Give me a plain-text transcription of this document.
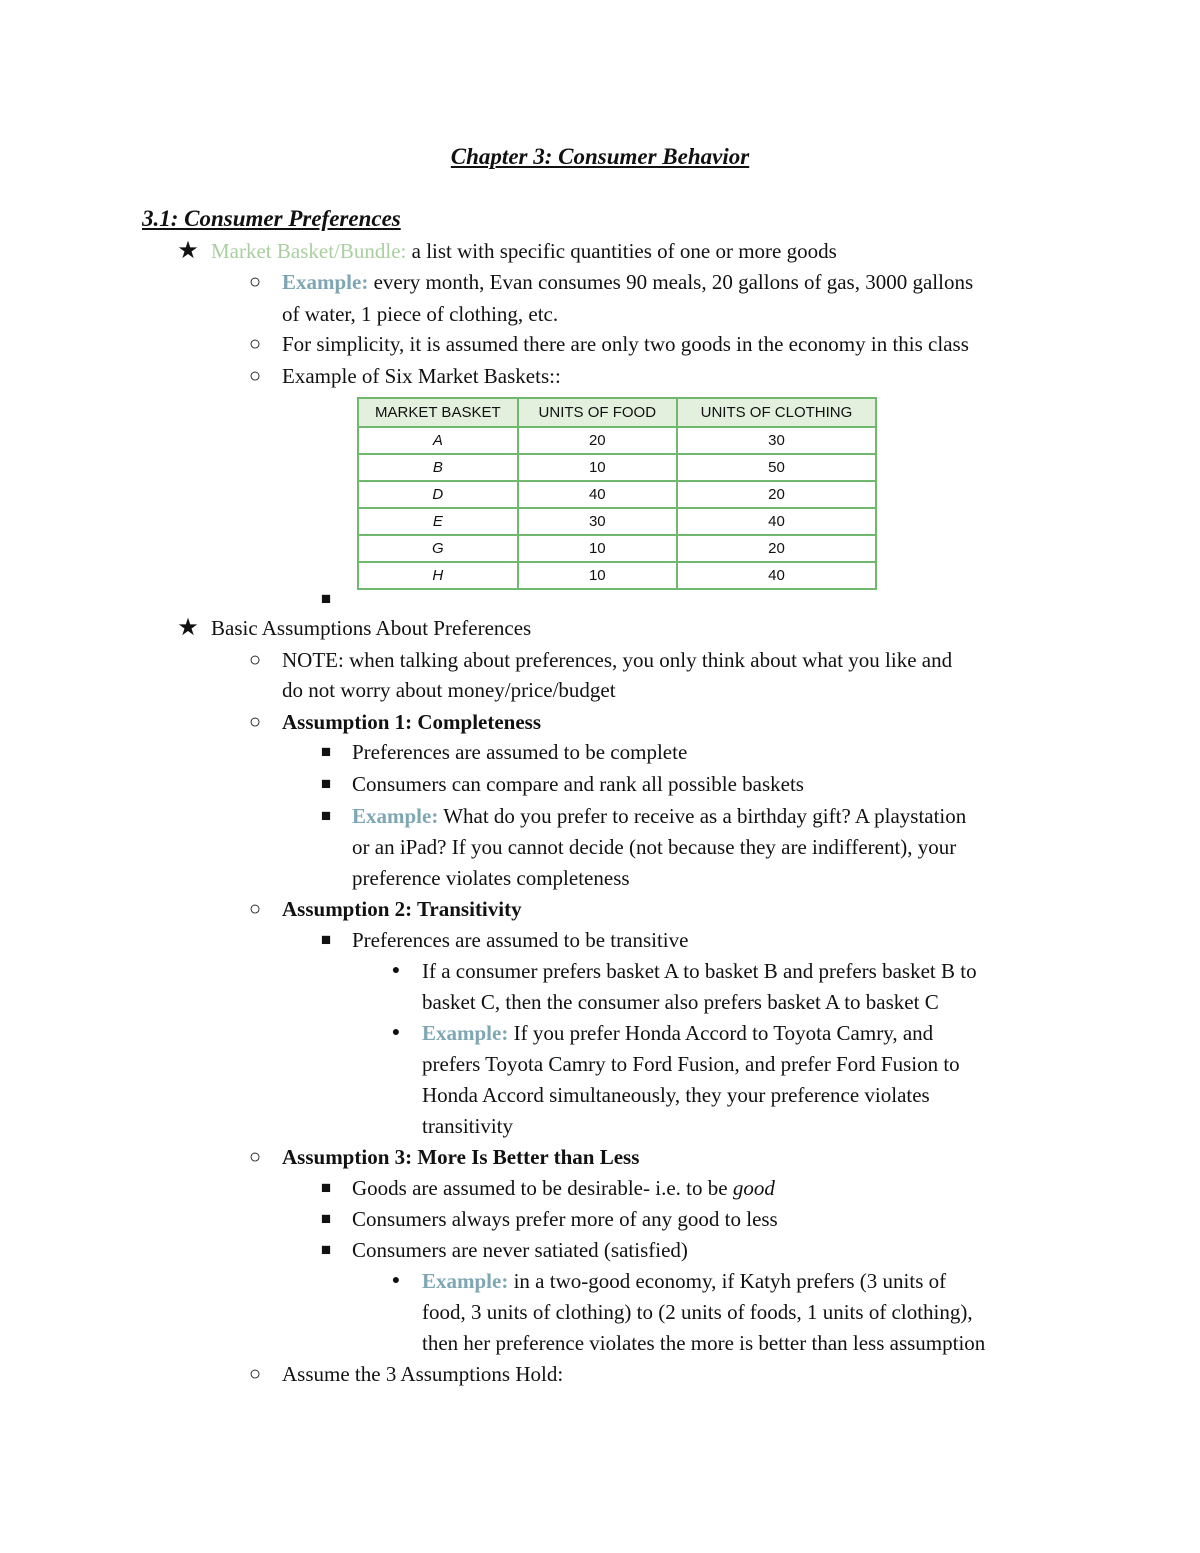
Chapter 3: Consumer Behavior
3.1: Consumer Preferences
★ Market Basket/Bundle: a list with specific quantities of one or more goods
○ Example: every month, Evan consumes 90 meals, 20 gallons of gas, 3000 gallons
of water, 1 piece of clothing, etc.
○ For simplicity, it is assumed there are only two goods in the economy in this class
○ Example of Six Market Baskets::
MARKET BASKET	UNITS OF FOOD	UNITS OF CLOTHING
A	20	30
B	10	50
D	40	20
E	30	40
G	10	20
H	10	40
■
★ Basic Assumptions About Preferences
○ NOTE: when talking about preferences, you only think about what you like and
do not worry about money/price/budget
○ Assumption 1: Completeness
■ Preferences are assumed to be complete
■ Consumers can compare and rank all possible baskets
■ Example: What do you prefer to receive as a birthday gift? A playstation
or an iPad? If you cannot decide (not because they are indifferent), your
preference violates completeness
○ Assumption 2: Transitivity
■ Preferences are assumed to be transitive
●	If a consumer prefers basket A to basket B and prefers basket B to
basket C, then the consumer also prefers basket A to basket C
●	Example: If you prefer Honda Accord to Toyota Camry, and
prefers Toyota Camry to Ford Fusion, and prefer Ford Fusion to
Honda Accord simultaneously, they your preference violates
transitivity
○ Assumption 3: More Is Better than Less
■ Goods are assumed to be desirable- i.e. to be good
■ Consumers always prefer more of any good to less
■ Consumers are never satiated (satisfied)
●	Example: in a two-good economy, if Katyh prefers (3 units of
food, 3 units of clothing) to (2 units of foods, 1 units of clothing),
then her preference violates the more is better than less assumption
○ Assume the 3 Assumptions Hold:
